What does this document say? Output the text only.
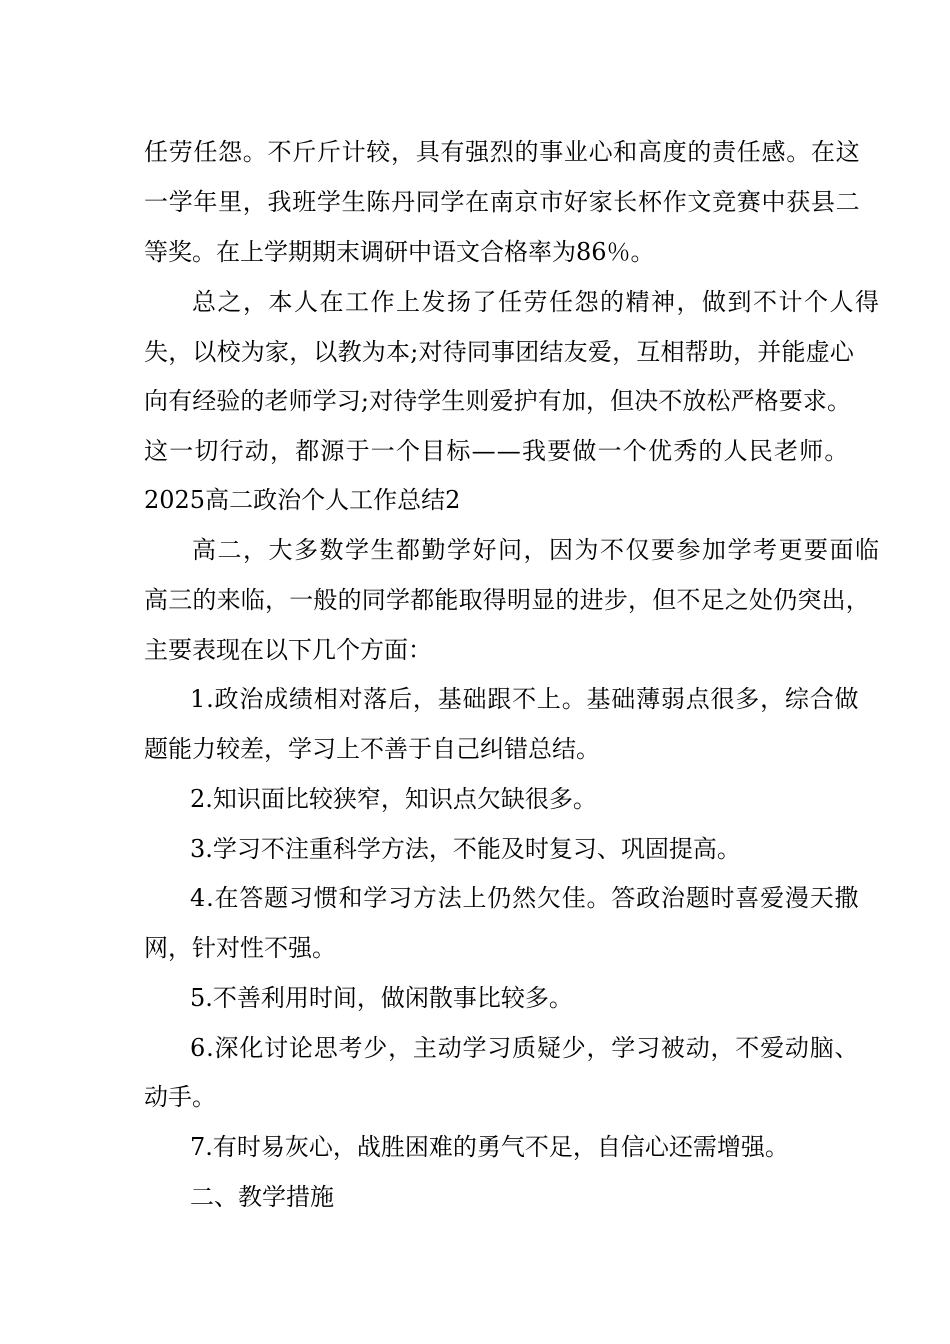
任劳任怨。不斤斤计较，具有强烈的事业心和高度的责任感。在这
一学年里，我班学生陈丹同学在南京市好家长杯作文竞赛中获县二
等奖。在上学期期末调研中语文合格率为86％。
总之，本人在工作上发扬了任劳任怨的精神，做到不计个人得
失，以校为家，以教为本;对待同事团结友爱，互相帮助，并能虚心
向有经验的老师学习;对待学生则爱护有加，但决不放松严格要求。
这一切行动，都源于一个目标——我要做一个优秀的人民老师。
2025高二政治个人工作总结2
高二，大多数学生都勤学好问，因为不仅要参加学考更要面临
高三的来临，一般的同学都能取得明显的进步，但不足之处仍突出，
主要表现在以下几个方面：
1.政治成绩相对落后，基础跟不上。基础薄弱点很多，综合做
题能力较差，学习上不善于自己纠错总结。
2.知识面比较狭窄，知识点欠缺很多。
3.学习不注重科学方法，不能及时复习、巩固提高。
4.在答题习惯和学习方法上仍然欠佳。答政治题时喜爱漫天撒
网，针对性不强。
5.不善利用时间，做闲散事比较多。
6.深化讨论思考少，主动学习质疑少，学习被动，不爱动脑、
动手。
7.有时易灰心，战胜困难的勇气不足，自信心还需增强。
二、教学措施
